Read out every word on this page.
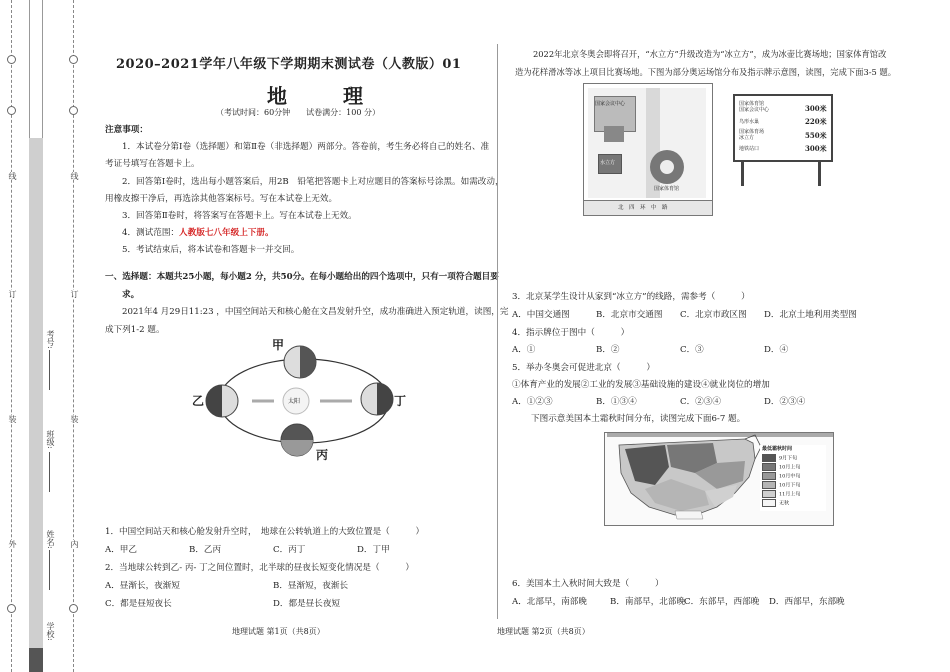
线	线
订	订
装	装
外	内
考号:
班级:
姓名:
学校:
2020–2021学年八年级下学期期末测试卷（人教版）01
地　理
（考试时间：60分钟　　试卷满分：100 分）
注意事项：
1．本试卷分第Ⅰ卷（选择题）和第Ⅱ卷（非选择题）两部分。答卷前，考生务必将自己的姓名、准
考证号填写在答题卡上。
2．回答第Ⅰ卷时，选出每小题答案后，用2B　铅笔把答题卡上对应题目的答案标号涂黑。如需改动，
用橡皮擦干净后，再选涂其他答案标号。写在本试卷上无效。
3．回答第Ⅱ卷时，将答案写在答题卡上。写在本试卷上无效。
4．测试范围：人教版七八年级上下册。
5．考试结束后，将本试卷和答题卡一并交回。
一、选择题：本题共25小题，每小题2 分，共50分。在每小题给出的四个选项中，只有一项符合题目要
求。
2021年4 月29日11:23 ，中国空间站天和核心舱在文昌发射升空，成功准确进入预定轨道，读图，完
成下列1-2 题。
甲
乙
丙
丁
太阳
1．中国空间站天和核心舱发射升空时，　地球在公转轨道上的大致位置是（　　　）
A．甲乙	B．乙丙	C．丙丁	D．丁甲
2．当地球公转到乙- 丙- 丁之间位置时，北半球的昼夜长短变化情况是（　　　）
A．昼渐长，夜渐短	B．昼渐短，夜渐长
C．都是昼短夜长	D．都是昼长夜短
地理试题 第1页（共8页）
2022年北京冬奥会即将召开，“水立方”升级改造为“冰立方”，成为冰壶比赛场地；国家体育馆改
造为花样滑冰等冰上项目比赛场地。下图为部分奥运场馆分布及指示牌示意图，读图，完成下面3-5 题。
国家会议中心
水立方
国家体育馆
北　四　环　中　路
国家体育馆
国家会议中心	300米
鸟形水巢	220米
国家体育场
冰立方	550米
地铁站口	300米
3．北京某学生设计从家到“冰立方”的线路，需参考（　　　）
A．中国交通图	B．北京市交通图 C．北京市政区图 D．北京土地利用类型图
4．指示牌位于图中（　　　）
A．①	B．②	C．③	D．④
5．举办冬奥会可促进北京（　　　）
①体育产业的发展②工业的发展③基础设施的建设④就业岗位的增加
A．①②③	B．①③④	C．②③④	D．②③④
下图示意美国本土霜秋时间分布，读图完成下面6-7 题。
最低霜秋时间
9月下旬
10月上旬
10月中旬
10月下旬
11月上旬
无秋
6．美国本土入秋时间大致是（　　　）
A．北部早，南部晚	B．南部早，北部晚
C．东部早，西部晚 D．西部早，东部晚
地理试题 第2页（共8页）
